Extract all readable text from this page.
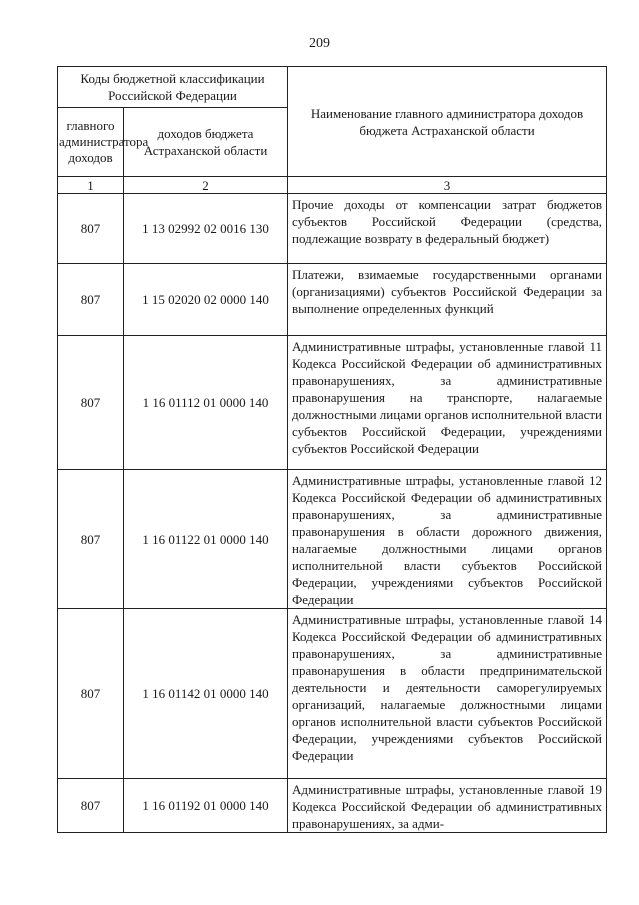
209
Коды бюджетной классификации Российской Федерации		Наименование главного администратора доходов бюджета Астраханской области
главного администратора доходов	доходов бюджета Астраханской области	
1	2	3
807	1 13 02992 02 0016 130	Прочие доходы от компенсации затрат бюджетов субъектов Российской Федерации (средства, подлежащие возврату в федеральный бюджет)
807	1 15 02020 02 0000 140	Платежи, взимаемые государственными органами (организациями) субъектов Российской Федерации за выполнение определенных функций
807	1 16 01112 01 0000 140	Административные штрафы, установленные главой 11 Кодекса Российской Федерации об административных правонарушениях, за административные правонарушения на транспорте, налагаемые должностными лицами органов исполнительной власти субъектов Российской Федерации, учреждениями субъектов Российской Федерации
807	1 16 01122 01 0000 140	Административные штрафы, установленные главой 12 Кодекса Российской Федерации об административных правонарушениях, за административные правонарушения в области дорожного движения, налагаемые должностными лицами органов исполнительной власти субъектов Российской Федерации, учреждениями субъектов Российской Федерации
807	1 16 01142 01 0000 140	Административные штрафы, установленные главой 14 Кодекса Российской Федерации об административных правонарушениях, за административные правонарушения в области предпринимательской деятельности и деятельности саморегулируемых организаций, налагаемые должностными лицами органов исполнительной власти субъектов Российской Федерации, учреждениями субъектов Российской Федерации
807	1 16 01192 01 0000 140	Административные штрафы, установленные главой 19 Кодекса Российской Федерации об административных правонарушениях, за адми-
